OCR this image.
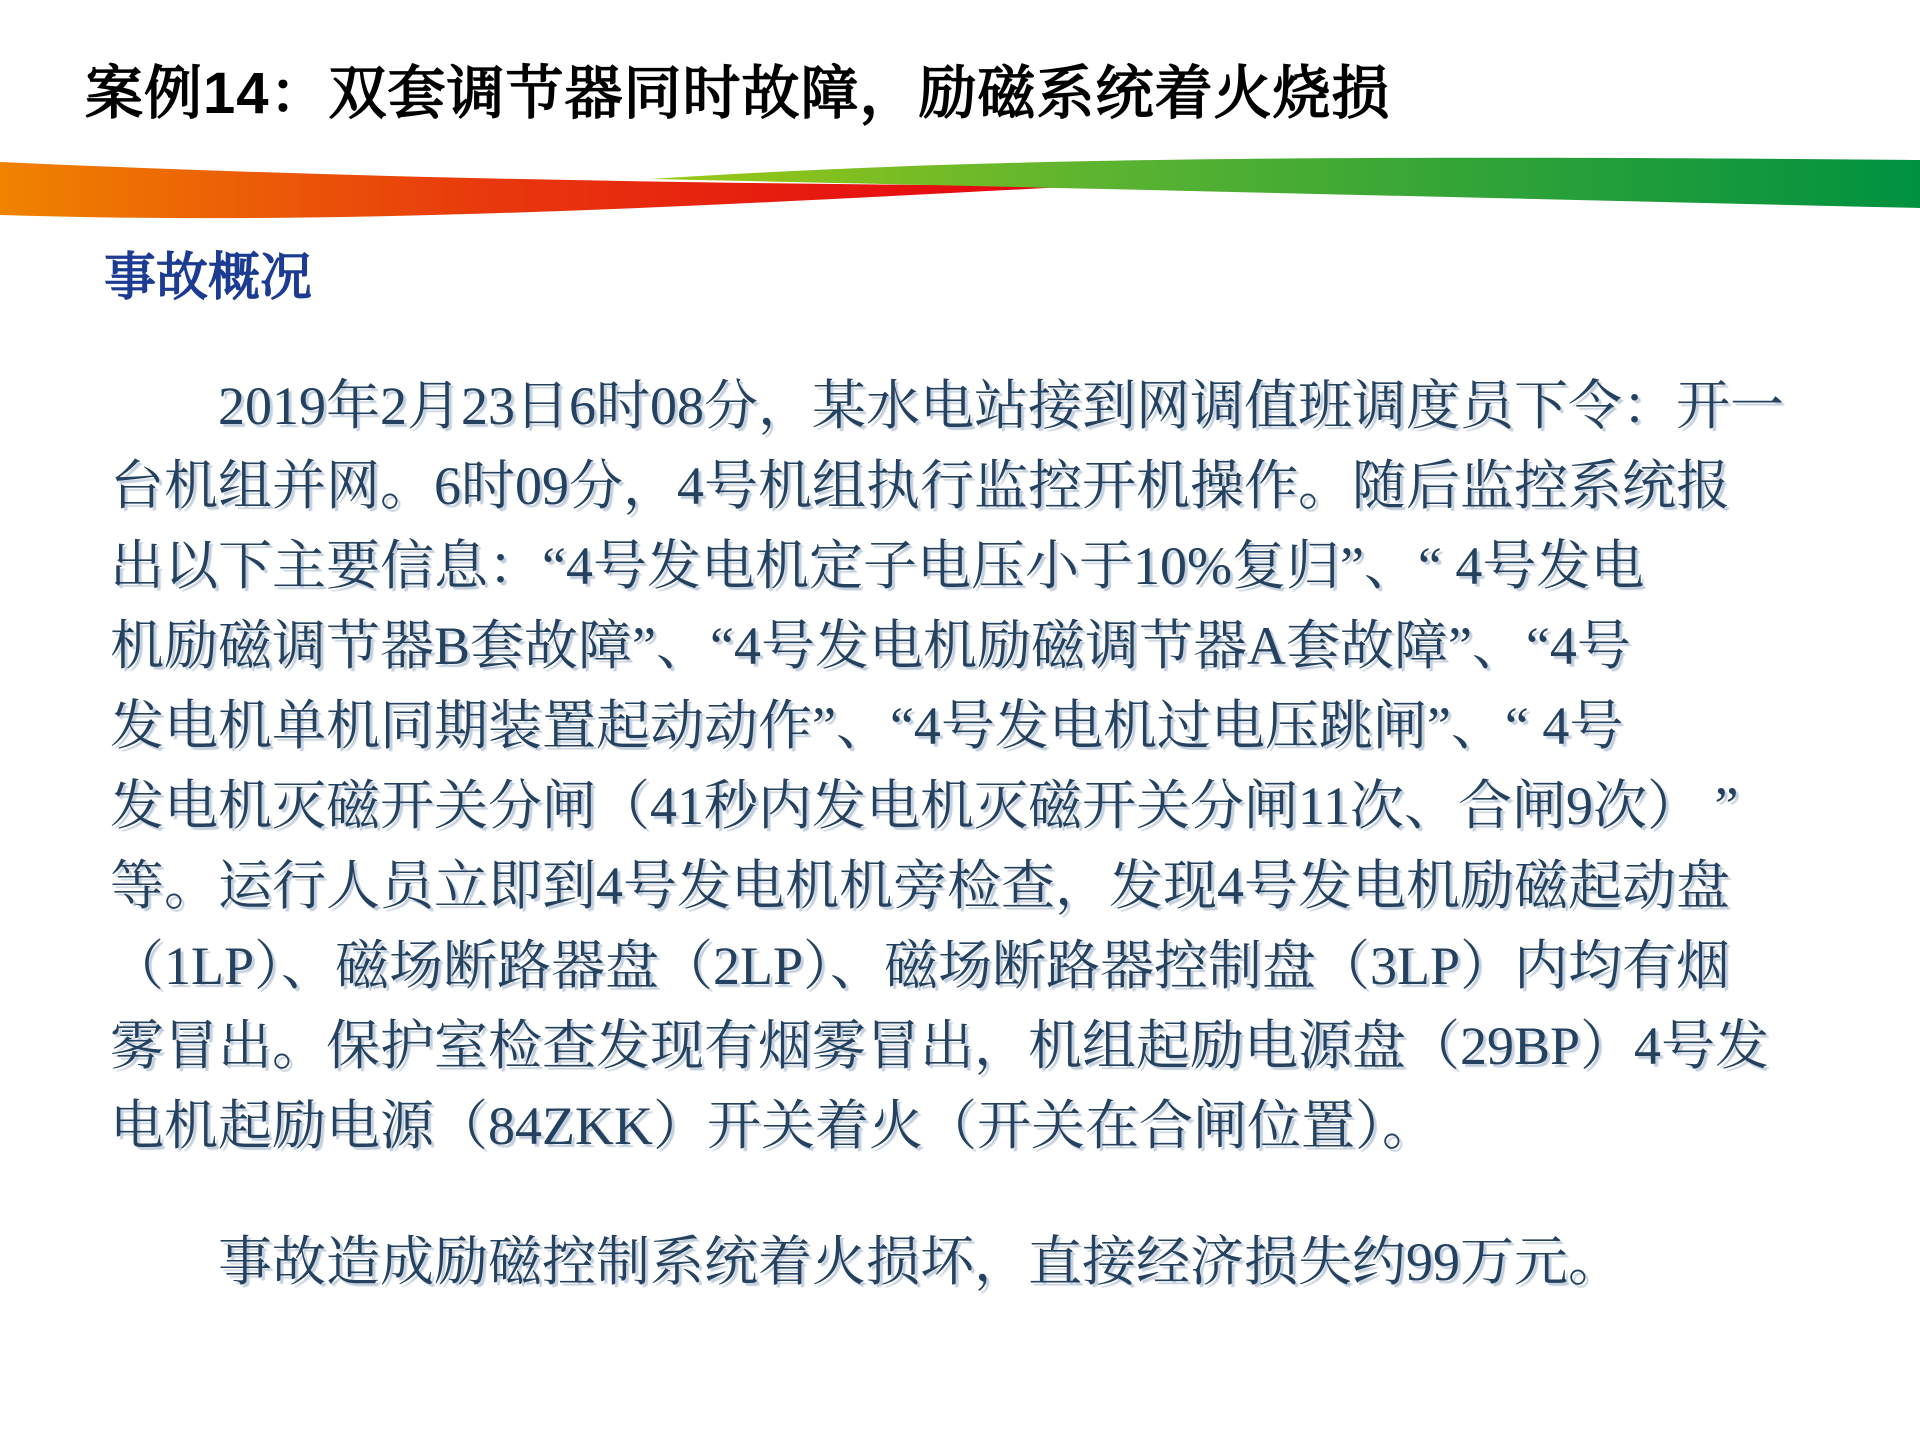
案例14：双套调节器同时故障，励磁系统着火烧损
事故概况
2019年2月23日6时08分，某水电站接到网调值班调度员下令：开一
台机组并网。6时09分，4号机组执行监控开机操作。随后监控系统报
出以下主要信息：“4号发电机定子电压小于10%复归”、“ 4号发电
机励磁调节器B套故障”、“4号发电机励磁调节器A套故障”、“4号
发电机单机同期装置起动动作”、“4号发电机过电压跳闸”、“ 4号
发电机灭磁开关分闸（41秒内发电机灭磁开关分闸11次、合闸9次） ”
等。运行人员立即到4号发电机机旁检查，发现4号发电机励磁起动盘
（1LP）、磁场断路器盘（2LP）、磁场断路器控制盘（3LP）内均有烟
雾冒出。保护室检查发现有烟雾冒出，机组起励电源盘（29BP）4号发
电机起励电源（84ZKK）开关着火（开关在合闸位置）。
事故造成励磁控制系统着火损坏，直接经济损失约99万元。
